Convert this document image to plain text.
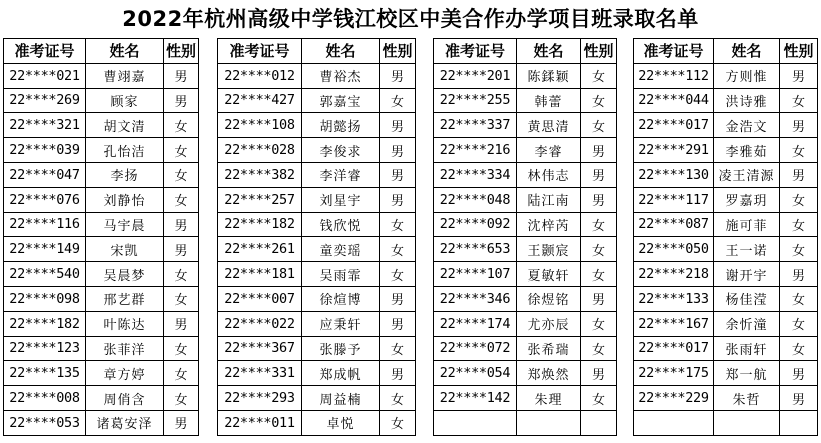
2022年杭州高级中学钱江校区中美合作办学项目班录取名单
准考证号	姓名	性别
22****021	曹翊嘉	男
22****269	顾家	男
22****321	胡文清	女
22****039	孔怡洁	女
22****047	李扬	女
22****076	刘静怡	女
22****116	马宇晨	男
22****149	宋凯	男
22****540	吴晨梦	女
22****098	邢艺群	女
22****182	叶陈达	男
22****123	张菲洋	女
22****135	章方婷	女
22****008	周俏含	女
22****053	诸葛安泽	男
准考证号	姓名	性别
22****012	曹裕杰	男
22****427	郭嘉宝	女
22****108	胡懿扬	男
22****028	李俊求	男
22****382	李洋睿	男
22****257	刘星宇	男
22****182	钱欣悦	女
22****261	童奕瑶	女
22****181	吴雨霏	女
22****007	徐煊博	男
22****022	应秉轩	男
22****367	张滕予	女
22****331	郑成帆	男
22****293	周益楠	女
22****011	卓悦	女
准考证号	姓名	性别
22****201	陈鍒颖	女
22****255	韩蕾	女
22****337	黄思清	女
22****216	李睿	男
22****334	林伟志	男
22****048	陆江南	男
22****092	沈梓芮	女
22****653	王颢宸	女
22****107	夏敏轩	女
22****346	徐煜铭	男
22****174	尤亦辰	女
22****072	张希瑞	女
22****054	郑焕然	男
22****142	朱理	女

准考证号	姓名	性别
22****112	方则惟	男
22****044	洪诗雅	女
22****017	金浩文	男
22****291	李雅茹	女
22****130	凌王清源	男
22****117	罗嘉玥	女
22****087	施可菲	女
22****050	王一诺	女
22****218	谢开宇	男
22****133	杨佳滢	女
22****167	余忻潼	女
22****017	张雨轩	女
22****175	郑一航	男
22****229	朱哲	男
